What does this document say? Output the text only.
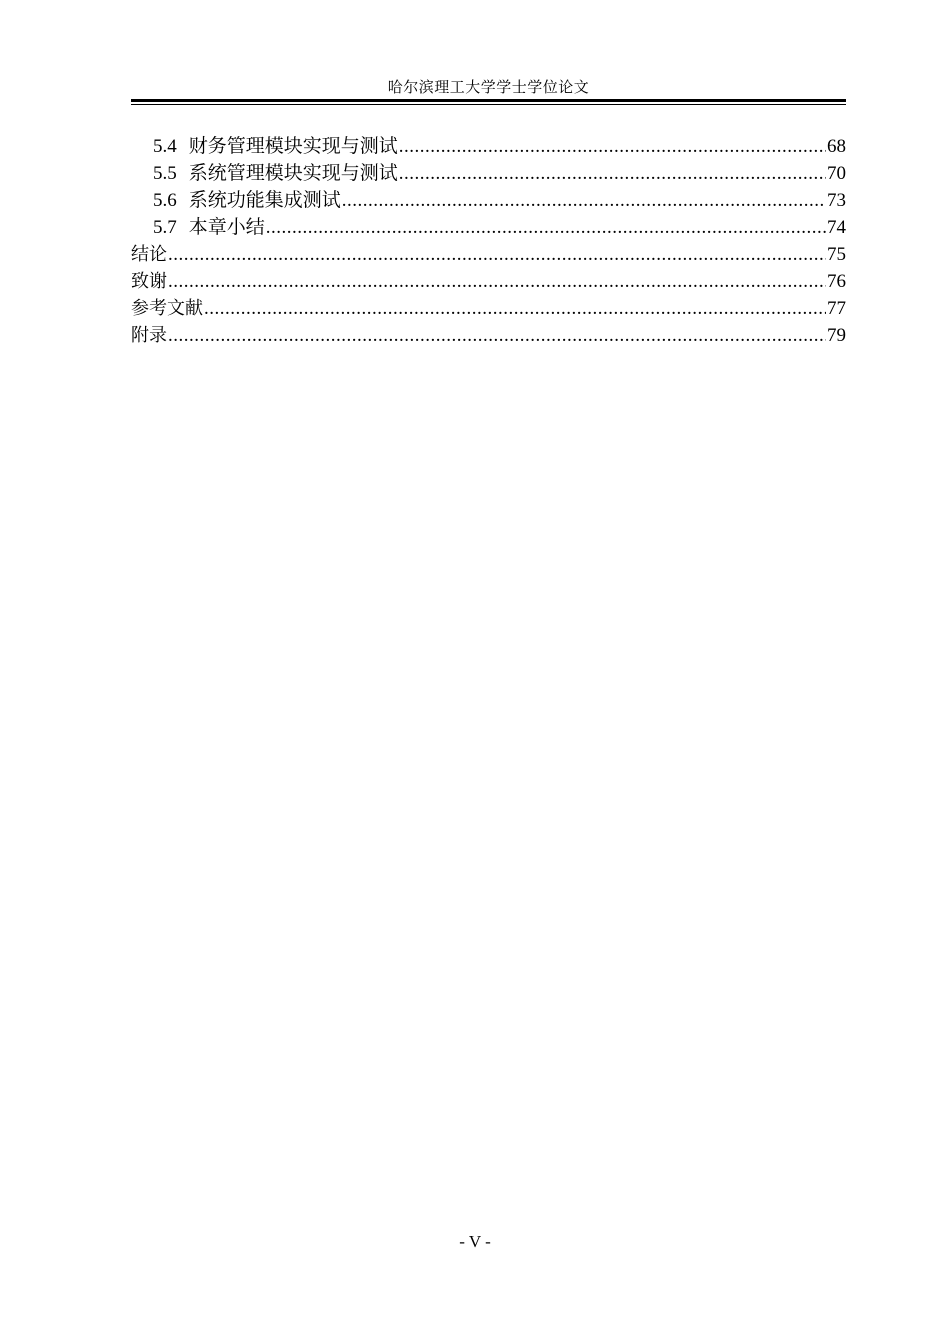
哈尔滨理工大学学士学位论文
5.4 财务管理模块实现与测试 .....	68
5.5 系统管理模块实现与测试 .....	70
5.6 系统功能集成测试 .....	73
5.7 本章小结 .....	74
结论 .....	75
致谢 .....	76
参考文献 .....	77
附录 .....	79
- V -
